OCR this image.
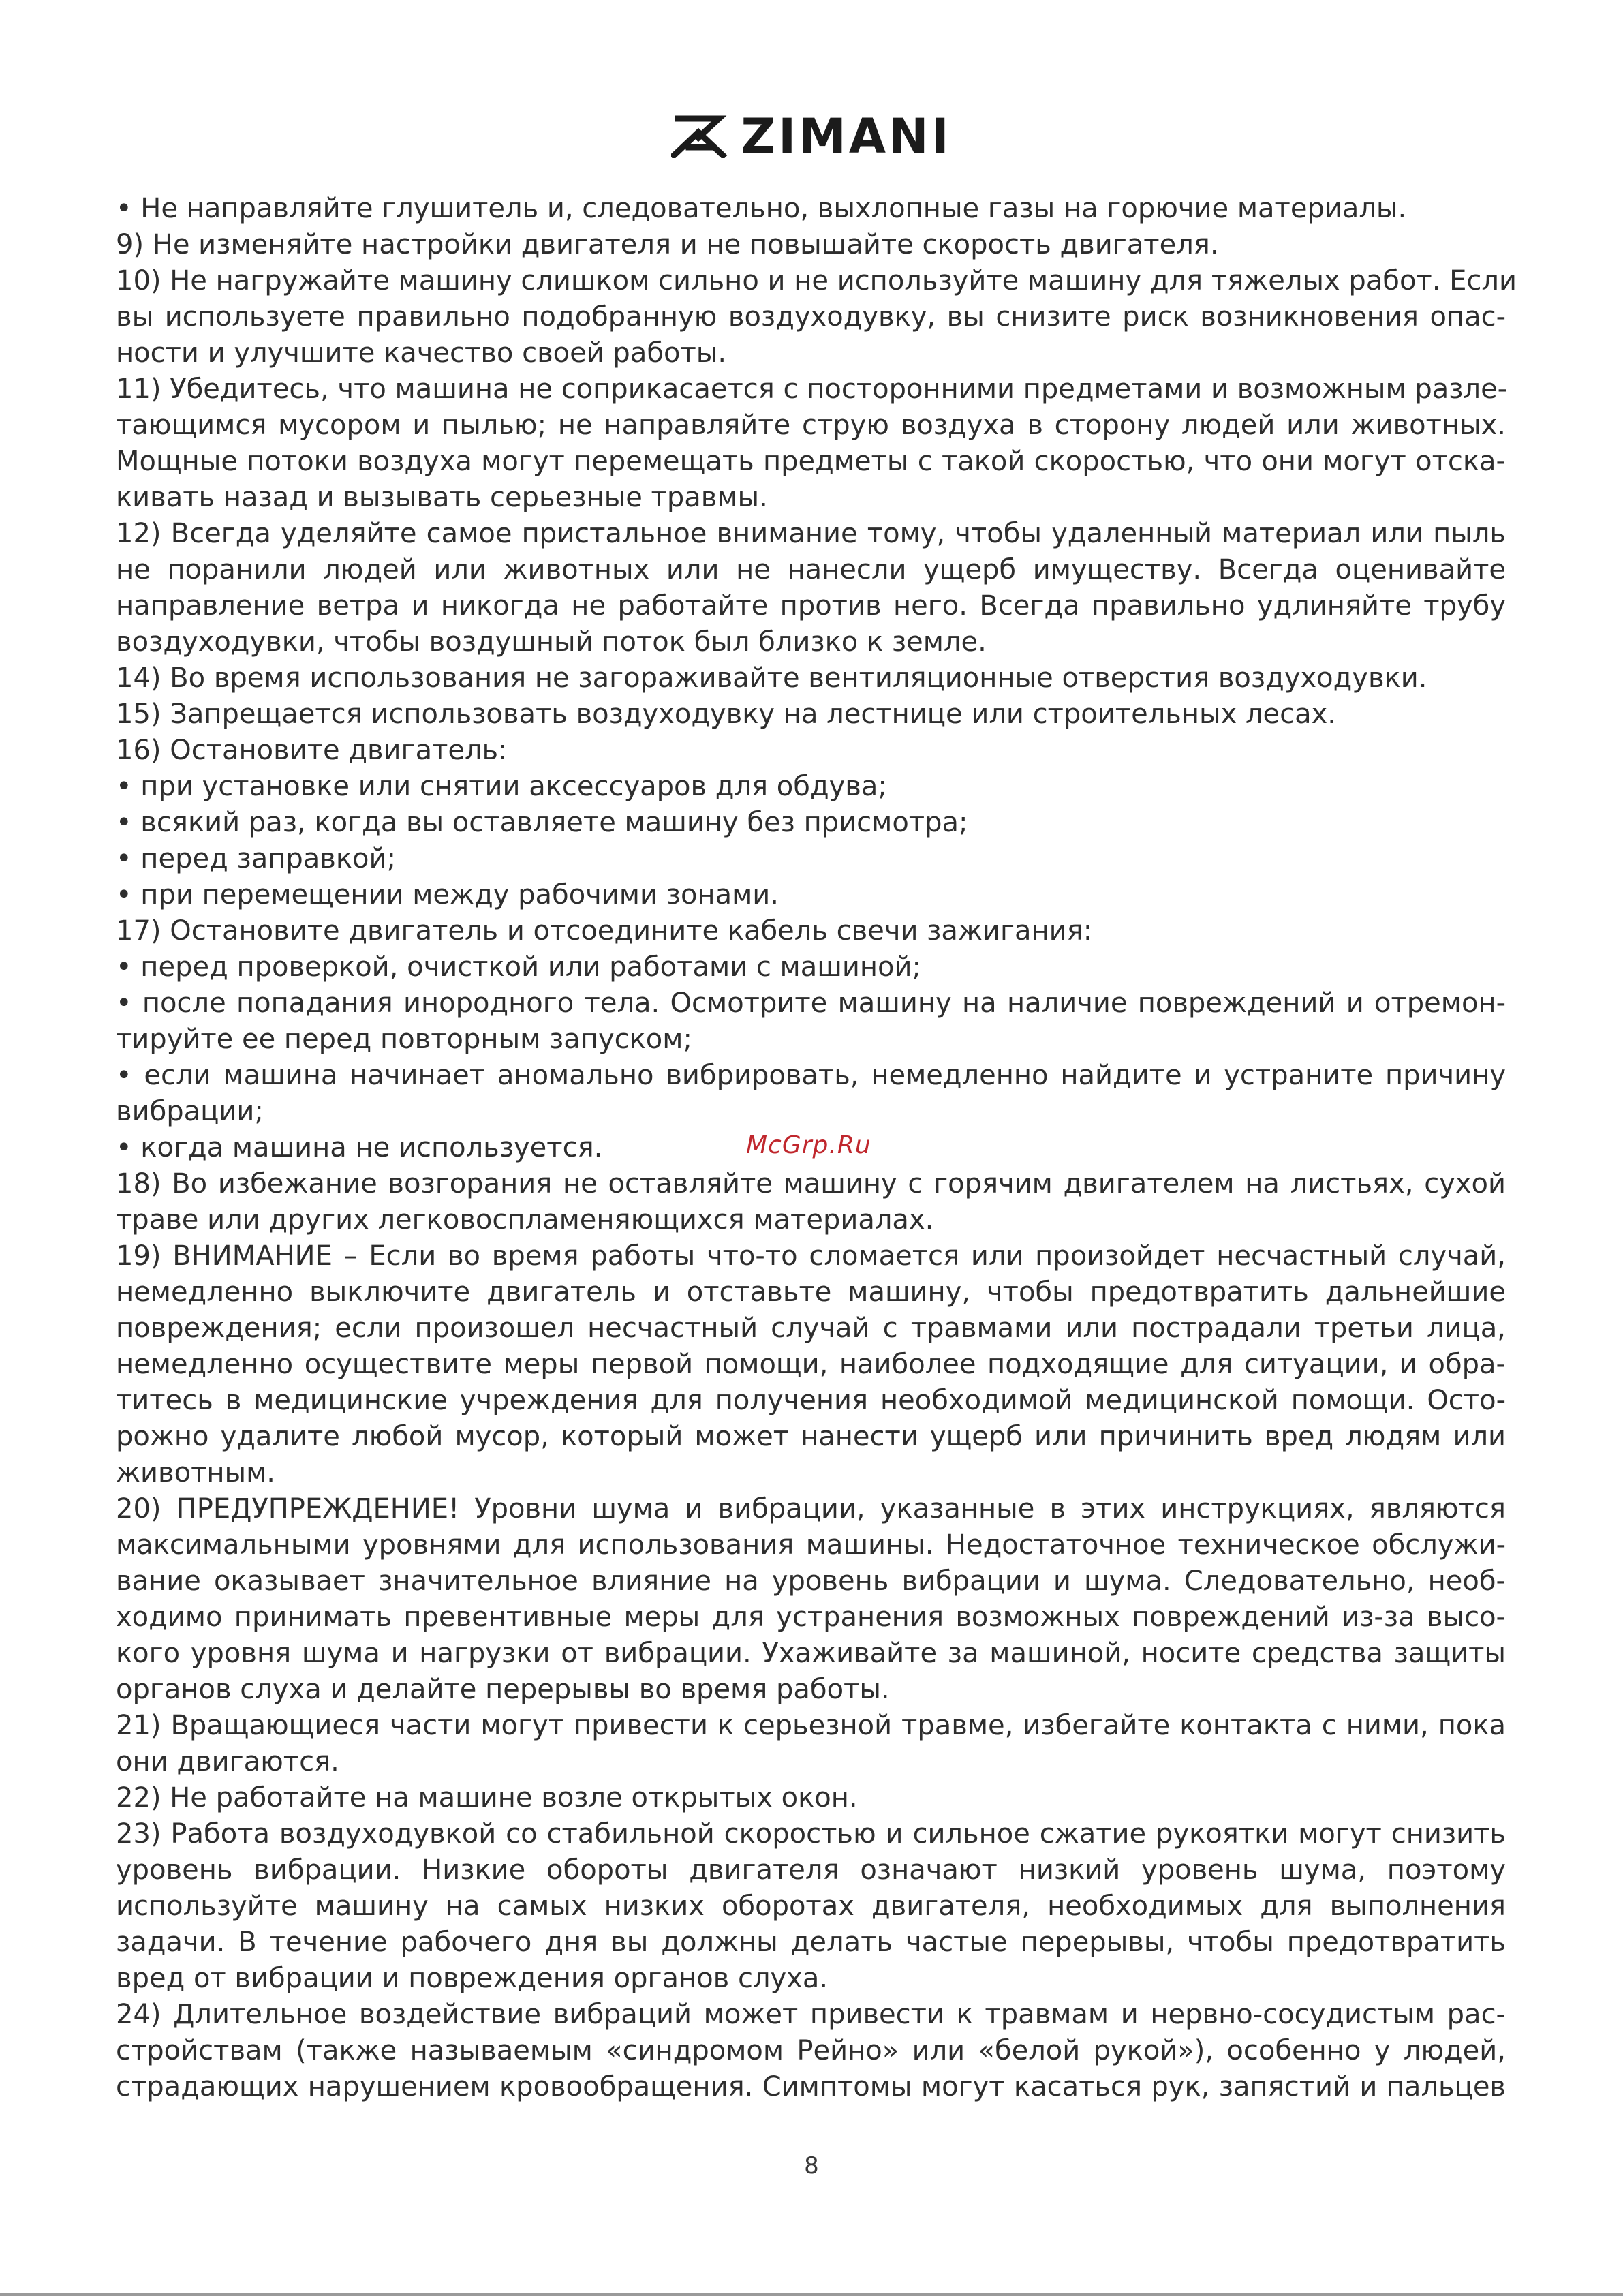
ZIMANI
• Не направляйте глушитель и, следовательно, выхлопные газы на горючие материалы.
9) Не изменяйте настройки двигателя и не повышайте скорость двигателя.
10) Не нагружайте машину слишком сильно и не используйте машину для тяжелых работ. Если
вы используете правильно подобранную воздуходувку, вы снизите риск возникновения опас-
ности и улучшите качество своей работы.
11) Убедитесь, что машина не соприкасается с посторонними предметами и возможным разле-
тающимся мусором и пылью; не направляйте струю воздуха в сторону людей или животных.
Мощные потоки воздуха могут перемещать предметы с такой скоростью, что они могут отска-
кивать назад и вызывать серьезные травмы.
12) Всегда уделяйте самое пристальное внимание тому, чтобы удаленный материал или пыль
не поранили людей или животных или не нанесли ущерб имуществу. Всегда оценивайте
направление ветра и никогда не работайте против него. Всегда правильно удлиняйте трубу
воздуходувки, чтобы воздушный поток был близко к земле.
14) Во время использования не загораживайте вентиляционные отверстия воздуходувки.
15) Запрещается использовать воздуходувку на лестнице или строительных лесах.
16) Остановите двигатель:
• при установке или снятии аксессуаров для обдува;
• всякий раз, когда вы оставляете машину без присмотра;
• перед заправкой;
• при перемещении между рабочими зонами.
17) Остановите двигатель и отсоедините кабель свечи зажигания:
• перед проверкой, очисткой или работами с машиной;
• после попадания инородного тела. Осмотрите машину на наличие повреждений и отремон-
тируйте ее перед повторным запуском;
• если машина начинает аномально вибрировать, немедленно найдите и устраните причину
вибрации;
• когда машина не используется.
18) Во избежание возгорания не оставляйте машину с горячим двигателем на листьях, сухой
траве или других легковоспламеняющихся материалах.
19) ВНИМАНИЕ – Если во время работы что-то сломается или произойдет несчастный случай,
немедленно выключите двигатель и отставьте машину, чтобы предотвратить дальнейшие
повреждения; если произошел несчастный случай с травмами или пострадали третьи лица,
немедленно осуществите меры первой помощи, наиболее подходящие для ситуации, и обра-
титесь в медицинские учреждения для получения необходимой медицинской помощи. Осто-
рожно удалите любой мусор, который может нанести ущерб или причинить вред людям или
животным.
20) ПРЕДУПРЕЖДЕНИЕ! Уровни шума и вибрации, указанные в этих инструкциях, являются
максимальными уровнями для использования машины. Недостаточное техническое обслужи-
вание оказывает значительное влияние на уровень вибрации и шума. Следовательно, необ-
ходимо принимать превентивные меры для устранения возможных повреждений из-за высо-
кого уровня шума и нагрузки от вибрации. Ухаживайте за машиной, носите средства защиты
органов слуха и делайте перерывы во время работы.
21) Вращающиеся части могут привести к серьезной травме, избегайте контакта с ними, пока
они двигаются.
22) Не работайте на машине возле открытых окон.
23) Работа воздуходувкой со стабильной скоростью и сильное сжатие рукоятки могут снизить
уровень вибрации. Низкие обороты двигателя означают низкий уровень шума, поэтому
используйте машину на самых низких оборотах двигателя, необходимых для выполнения
задачи. В течение рабочего дня вы должны делать частые перерывы, чтобы предотвратить
вред от вибрации и повреждения органов слуха.
24) Длительное воздействие вибраций может привести к травмам и нервно-сосудистым рас-
стройствам (также называемым «синдромом Рейно» или «белой рукой»), особенно у людей,
страдающих нарушением кровообращения. Симптомы могут касаться рук, запястий и пальцев
McGrp.Ru
8
